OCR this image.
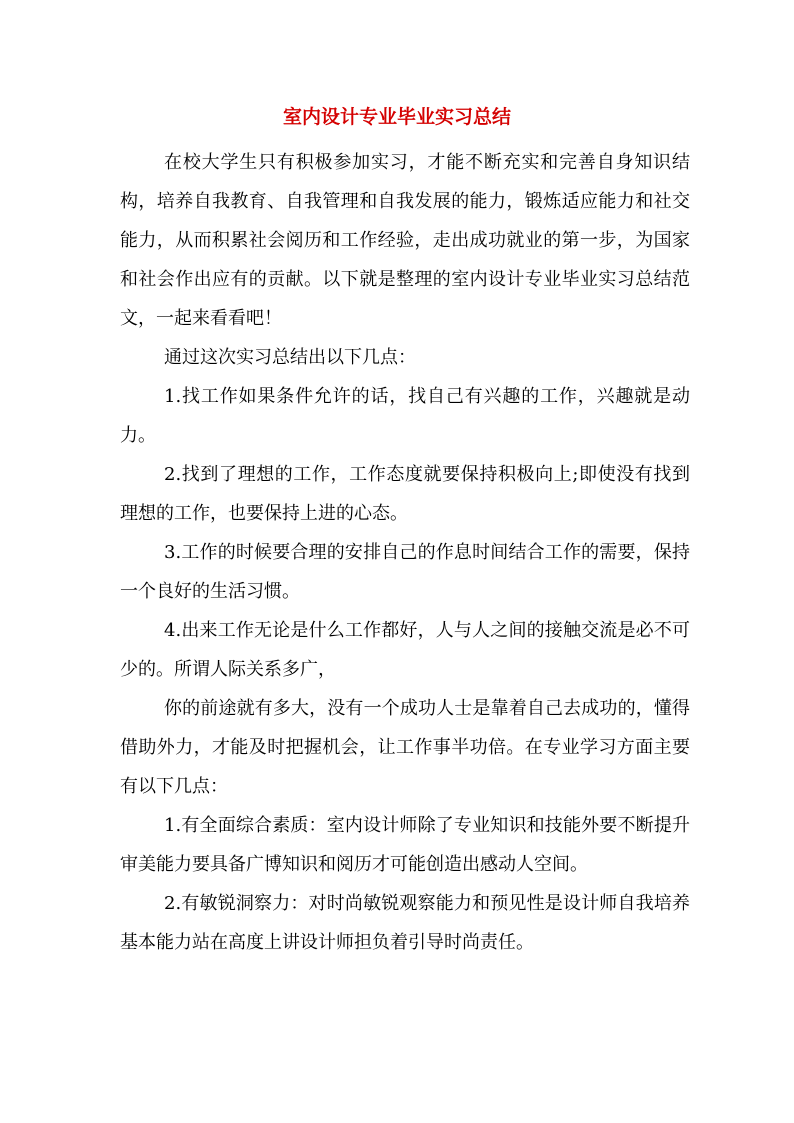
室内设计专业毕业实习总结

在校大学生只有积极参加实习，才能不断充实和完善自身知识结构，培养自我教育、自我管理和自我发展的能力，锻炼适应能力和社交能力，从而积累社会阅历和工作经验，走出成功就业的第一步，为国家和社会作出应有的贡献。以下就是整理的室内设计专业毕业实习总结范文，一起来看看吧！

通过这次实习总结出以下几点：

1.找工作如果条件允许的话，找自己有兴趣的工作，兴趣就是动力。

2.找到了理想的工作，工作态度就要保持积极向上;即使没有找到理想的工作，也要保持上进的心态。

3.工作的时候要合理的安排自己的作息时间结合工作的需要，保持一个良好的生活习惯。

4.出来工作无论是什么工作都好，人与人之间的接触交流是必不可少的。所谓人际关系多广，

你的前途就有多大，没有一个成功人士是靠着自己去成功的，懂得借助外力，才能及时把握机会，让工作事半功倍。在专业学习方面主要有以下几点：

1.有全面综合素质：室内设计师除了专业知识和技能外要不断提升审美能力要具备广博知识和阅历才可能创造出感动人空间。

2.有敏锐洞察力：对时尚敏锐观察能力和预见性是设计师自我培养基本能力站在高度上讲设计师担负着引导时尚责任。
